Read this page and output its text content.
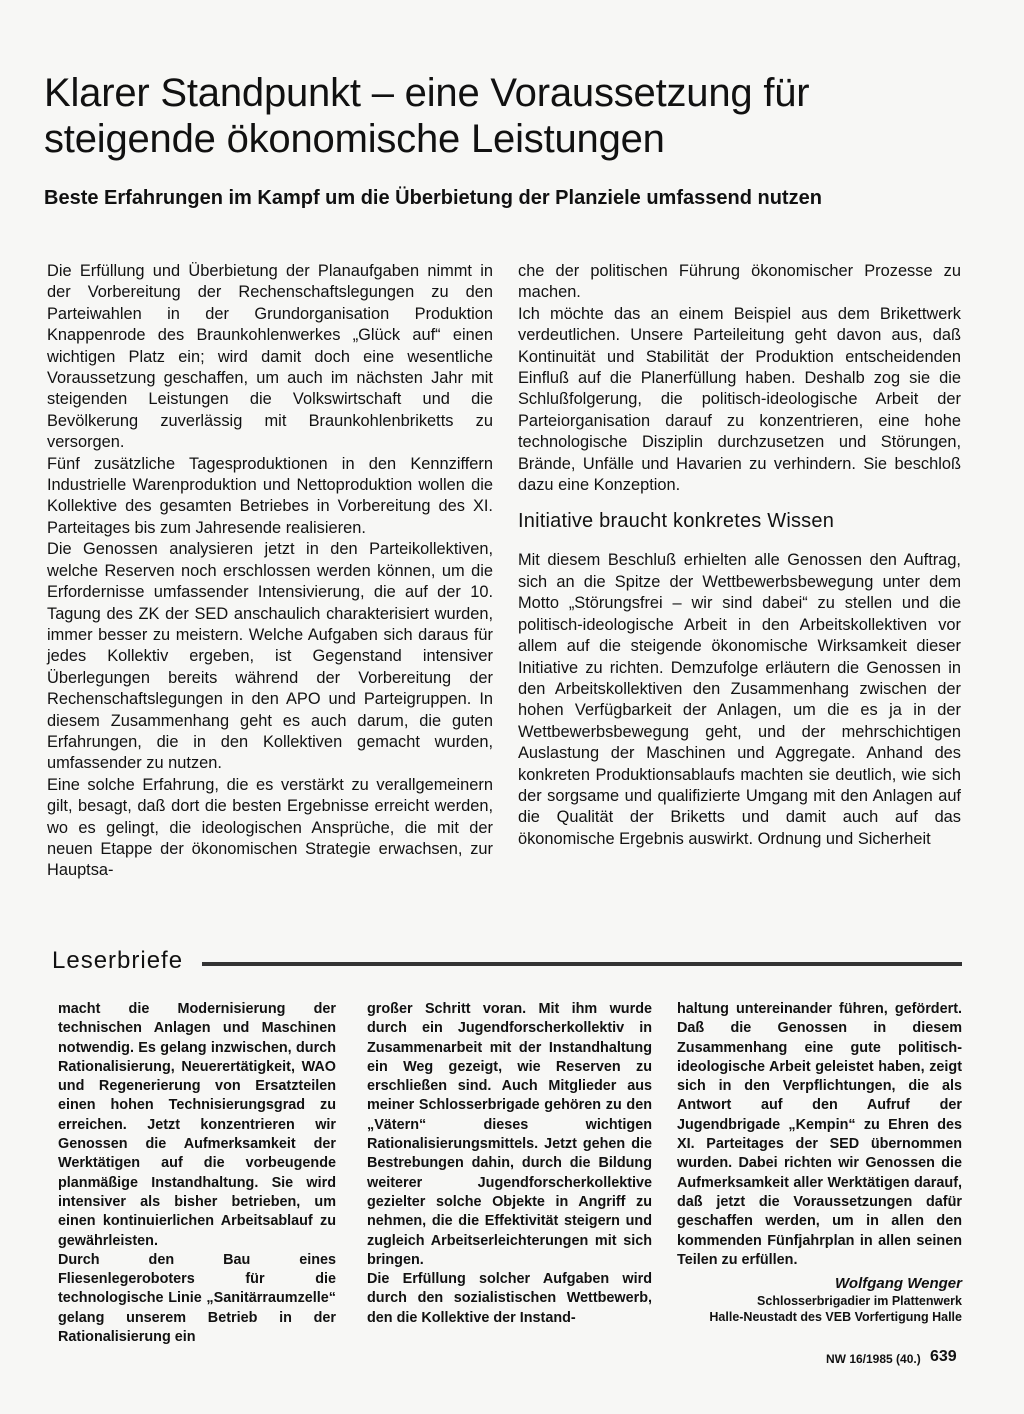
Klarer Standpunkt – eine Voraussetzung für steigende ökonomische Leistungen
Beste Erfahrungen im Kampf um die Überbietung der Planziele umfassend nutzen

Die Erfüllung und Überbietung der Planaufgaben nimmt in der Vorbereitung der Rechenschaftslegungen zu den Parteiwahlen in der Grundorganisation Produktion Knappenrode des Braunkohlenwerkes „Glück auf“ einen wichtigen Platz ein; wird damit doch eine wesentliche Voraussetzung geschaffen, um auch im nächsten Jahr mit steigenden Leistungen die Volkswirtschaft und die Bevölkerung zuverlässig mit Braunkohlenbriketts zu versorgen.

Fünf zusätzliche Tagesproduktionen in den Kennziffern Industrielle Warenproduktion und Nettoproduktion wollen die Kollektive des gesamten Betriebes in Vorbereitung des XI. Parteitages bis zum Jahresende realisieren.

Die Genossen analysieren jetzt in den Parteikollektiven, welche Reserven noch erschlossen werden können, um die Erfordernisse umfassender Intensivierung, die auf der 10. Tagung des ZK der SED anschaulich charakterisiert wurden, immer besser zu meistern. Welche Aufgaben sich daraus für jedes Kollektiv ergeben, ist Gegenstand intensiver Überlegungen bereits während der Vorbereitung der Rechenschaftslegungen in den APO und Parteigruppen. In diesem Zusammenhang geht es auch darum, die guten Erfahrungen, die in den Kollektiven gemacht wurden, umfassender zu nutzen.

Eine solche Erfahrung, die es verstärkt zu verallgemeinern gilt, besagt, daß dort die besten Ergebnisse erreicht werden, wo es gelingt, die ideologischen Ansprüche, die mit der neuen Etappe der ökonomischen Strategie erwachsen, zur Hauptsa-

che der politischen Führung ökonomischer Prozesse zu machen.

Ich möchte das an einem Beispiel aus dem Brikettwerk verdeutlichen. Unsere Parteileitung geht davon aus, daß Kontinuität und Stabilität der Produktion entscheidenden Einfluß auf die Planerfüllung haben. Deshalb zog sie die Schlußfolgerung, die politisch-ideologische Arbeit der Parteiorganisation darauf zu konzentrieren, eine hohe technologische Disziplin durchzusetzen und Störungen, Brände, Unfälle und Havarien zu verhindern. Sie beschloß dazu eine Konzeption.

Initiative braucht konkretes Wissen

Mit diesem Beschluß erhielten alle Genossen den Auftrag, sich an die Spitze der Wettbewerbsbewegung unter dem Motto „Störungsfrei – wir sind dabei“ zu stellen und die politisch-ideologische Arbeit in den Arbeitskollektiven vor allem auf die steigende ökonomische Wirksamkeit dieser Initiative zu richten. Demzufolge erläutern die Genossen in den Arbeitskollektiven den Zusammenhang zwischen der hohen Verfügbarkeit der Anlagen, um die es ja in der Wettbewerbsbewegung geht, und der mehrschichtigen Auslastung der Maschinen und Aggregate. Anhand des konkreten Produktionsablaufs machten sie deutlich, wie sich der sorgsame und qualifizierte Umgang mit den Anlagen auf die Qualität der Briketts und damit auch auf das ökonomische Ergebnis auswirkt. Ordnung und Sicherheit

Leserbriefe

macht die Modernisierung der technischen Anlagen und Maschinen notwendig. Es gelang inzwischen, durch Rationalisierung, Neuerertätigkeit, WAO und Regenerierung von Ersatzteilen einen hohen Technisierungsgrad zu erreichen. Jetzt konzentrieren wir Genossen die Aufmerksamkeit der Werktätigen auf die vorbeugende planmäßige Instandhaltung. Sie wird intensiver als bisher betrieben, um einen kontinuierlichen Arbeitsablauf zu gewährleisten.

Durch den Bau eines Fliesenlegeroboters für die technologische Linie „Sanitärraumzelle“ gelang unserem Betrieb in der Rationalisierung ein

großer Schritt voran. Mit ihm wurde durch ein Jugendforscherkollektiv in Zusammenarbeit mit der Instandhaltung ein Weg gezeigt, wie Reserven zu erschließen sind. Auch Mitglieder aus meiner Schlosserbrigade gehören zu den „Vätern“ dieses wichtigen Rationalisierungsmittels. Jetzt gehen die Bestrebungen dahin, durch die Bildung weiterer Jugendforscherkollektive gezielter solche Objekte in Angriff zu nehmen, die die Effektivität steigern und zugleich Arbeitserleichterungen mit sich bringen.

Die Erfüllung solcher Aufgaben wird durch den sozialistischen Wettbewerb, den die Kollektive der Instand-

haltung untereinander führen, gefördert. Daß die Genossen in diesem Zusammenhang eine gute politisch-ideologische Arbeit geleistet haben, zeigt sich in den Verpflichtungen, die als Antwort auf den Aufruf der Jugendbrigade „Kempin“ zu Ehren des XI. Parteitages der SED übernommen wurden. Dabei richten wir Genossen die Aufmerksamkeit aller Werktätigen darauf, daß jetzt die Voraussetzungen dafür geschaffen werden, um in allen den kommenden Fünfjahrplan in allen seinen Teilen zu erfüllen.

Wolfgang Wenger

Schlosserbrigadier im Plattenwerk

Halle-Neustadt des VEB Vorfertigung Halle

NW 16/1985 (40.) 639
